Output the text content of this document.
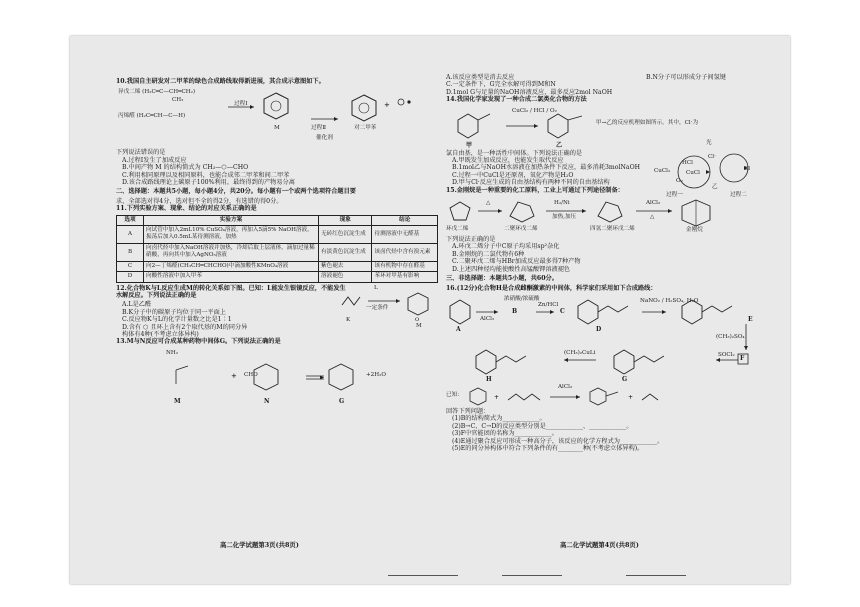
10.我国自主研发对二甲苯的绿色合成路线取得新进展，其合成示意图如下。
异戊二烯 (H₂C═C—CH═CH₂)
CH₃
丙烯醛 (H₂C═CH—C—H)
过程Ⅰ
过程Ⅱ
M	对二甲苯
催化剂
+
下列说法错误的是
A.过程Ⅰ发生了加成反应
B.中间产物 M 的结构简式为 CH₃—⬡—CHO
C.利用相同原理以及相同原料，也能合成邻二甲苯和间二甲苯
D.该合成路线理论上碳原子100%利用，最终得到的产物易分离
二、选择题：本题共5小题，每小题4分，共20分。每小题有一个或两个选项符合题目要
求，全部选对得4分，选对但不全的得2分，有选错的得0分。
11.下列实验方案、现象、结论的对应关系正确的是
选项	实验方案	现象	结论
A	向试管中加入2mL10% CuSO₄溶液，再加入5滴5% NaOH溶液，振荡后加入0.5mL某待测溶液，加热	无砖红色沉淀生成	待测溶液中无醛基
B	向卤代烃中加入NaOH溶液并加热，冷却后取上层液体，滴加过量稀硝酸，再向其中加入AgNO₃溶液	有淡黄色沉淀生成	该卤代烃中含有溴元素
C	向2—丁烯醛(CH₃CH═CHCHO)中滴加酸性KMnO₄溶液	紫色褪去	该有机物中存在醛基
D	向酸性溶液中加入甲苯	溶液褪色	苯环对甲基有影响
12.化合物K与L反应生成M的转化关系如下图。已知：L能发生银镜反应，不能发生水解反应。下列说法正确的是
A.L是乙醛
B.K分子中的碳原子均位于同一平面上
C.反应物K与L的化学计量数之比是1∶1
D.含有 ⬡ 且环上含有2个取代基的M的同分异
构体有4种(不考虑立体异构)
O
L
一定条件
K
M
13.M与N反应可合成某种药物中间体G。下列说法正确的是
+
NH₂
CHO	+2H₂O
M	N	G
高二化学试题第3页(共8页)
A.该反应类型是消去反应	B.N分子可以形成分子间氢键
C.一定条件下，G完全水解可得到M和N
D.1mol G与足量的NaOH溶液反应，最多反应2mol NaOH
14.我国化学家发现了一种合成二氯类化合物的方法
CuCl₂ / HCl / O₂
甲	乙
甲→乙的反应机理如图所示。其中，Cl·为
氯自由基，是一种活性中间体。下列说法正确的是
A.甲既发生加成反应，也能发生取代反应
B.1mol乙与NaOH水溶液在加热条件下反应，最多消耗3molNaOH
C.过程一中CuCl是还原剂，氧化产物是H₂O
D.甲与Cl·反应生成的自由基结构有两种不同的自由基结构
光
Cl·
HCl
O₂
CuCl₂	CuCl
Cl
过程一	过程二
乙
15.金刚烷是一种重要的化工原料，工业上可通过下列途径制备：
△	H₂/Ni
加热,加压
AlCl₃
△
环戊二烯	二聚环戊二烯	四氢二聚环戊二烯	金刚烷
下列说法正确的是
A.环戊二烯分子中C原子均采用sp²杂化
B.金刚烷的二氯代物有6种
C.二聚环戊二烯与HBr加成反应最多得7种产物
D.上述四种烃均能使酸性高锰酸钾溶液褪色
三、非选择题：本题共5小题，共60分。
16.(12分)化合物H是合成雌酮激素的中间体，科学家们采用如下合成路线：
A
B	C
D
E
F
G
H
AlCl₃
浓硝酸/浓硫酸
Zn/HCl
NaNO₂ / H₂SO₄, H₂O
(CH₃)₂SO₄
SOCl₂
(CH₃)₂CuLi
已知：	+	+
AlCl₃
回答下列问题：
(1)B的结构简式为____________。
(2)B→C，C→D的反应类型分别是____________、____________。
(3)F中官能团的名称为____________。
(4)E通过聚合反应可形成一种高分子，该反应的化学方程式为____________。
(5)E的同分异构体中符合下列条件的有________种(不考虑立体异构)。
高二化学试题第4页(共8页)
